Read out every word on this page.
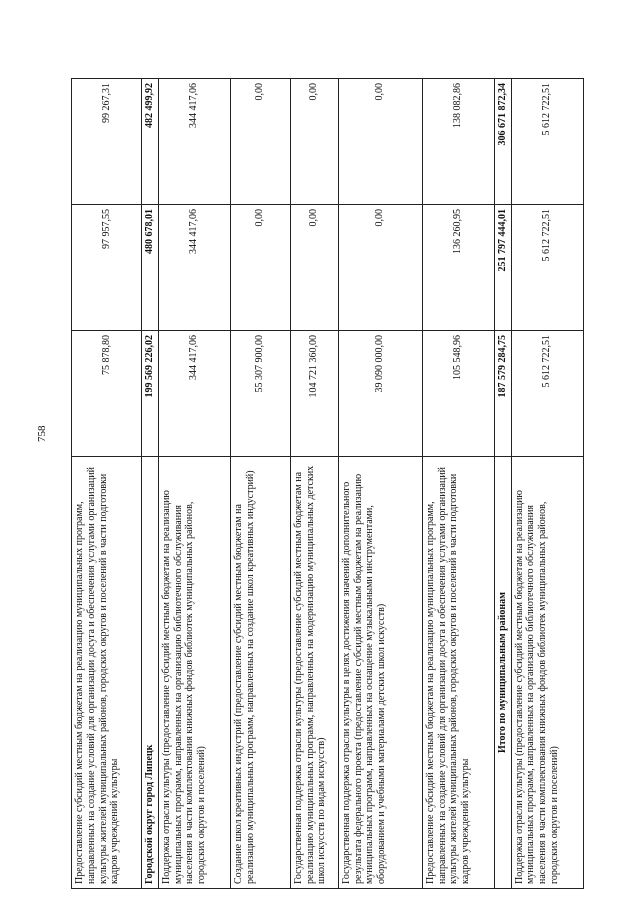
758
Предоставление субсидий местным бюджетам на реализацию муниципальных программ, направленных на создание условий для организации досуга и обеспечения услугами организаций культуры жителей муниципальных районов, городских округов и поселений в части подготовки кадров учреждений культуры	75 878,80	97 957,55	99 267,31
Городской округ город Липецк	199 569 226,02	480 678,01	482 499,92
Поддержка отрасли культуры (предоставление субсидий местным бюджетам на реализацию муниципальных программ, направленных на организацию библиотечного обслуживания населения в части комплектования книжных фондов библиотек муниципальных районов, городских округов и поселений)	344 417,06	344 417,06	344 417,06
Создание школ креативных индустрий (предоставление субсидий местным бюджетам на реализацию муниципальных программ, направленных на создание школ креативных индустрий)	55 307 900,00	0,00	0,00
Государственная поддержка отрасли культуры (предоставление субсидий местным бюджетам на реализацию муниципальных программ, направленных на модернизацию муниципальных детских школ искусств по видам искусств)	104 721 360,00	0,00	0,00
Государственная поддержка отрасли культуры в целях достижения значений дополнительного результата федерального проекта (предоставление субсидий местным бюджетам на реализацию муниципальных программ, направленных на оснащение музыкальными инструментами, оборудованием и учебными материалами детских школ искусств)	39 090 000,00	0,00	0,00
Предоставление субсидий местным бюджетам на реализацию муниципальных программ, направленных на создание условий для организации досуга и обеспечения услугами организаций культуры жителей муниципальных районов, городских округов и поселений в части подготовки кадров учреждений культуры	105 548,96	136 260,95	138 082,86
Итого по муниципальным районам	187 579 284,75	251 797 444,01	306 671 872,34
Поддержка отрасли культуры (предоставление субсидий местным бюджетам на реализацию муниципальных программ, направленных на организацию библиотечного обслуживания населения в части комплектования книжных фондов библиотек муниципальных районов, городских округов и поселений)	5 612 722,51	5 612 722,51	5 612 722,51
